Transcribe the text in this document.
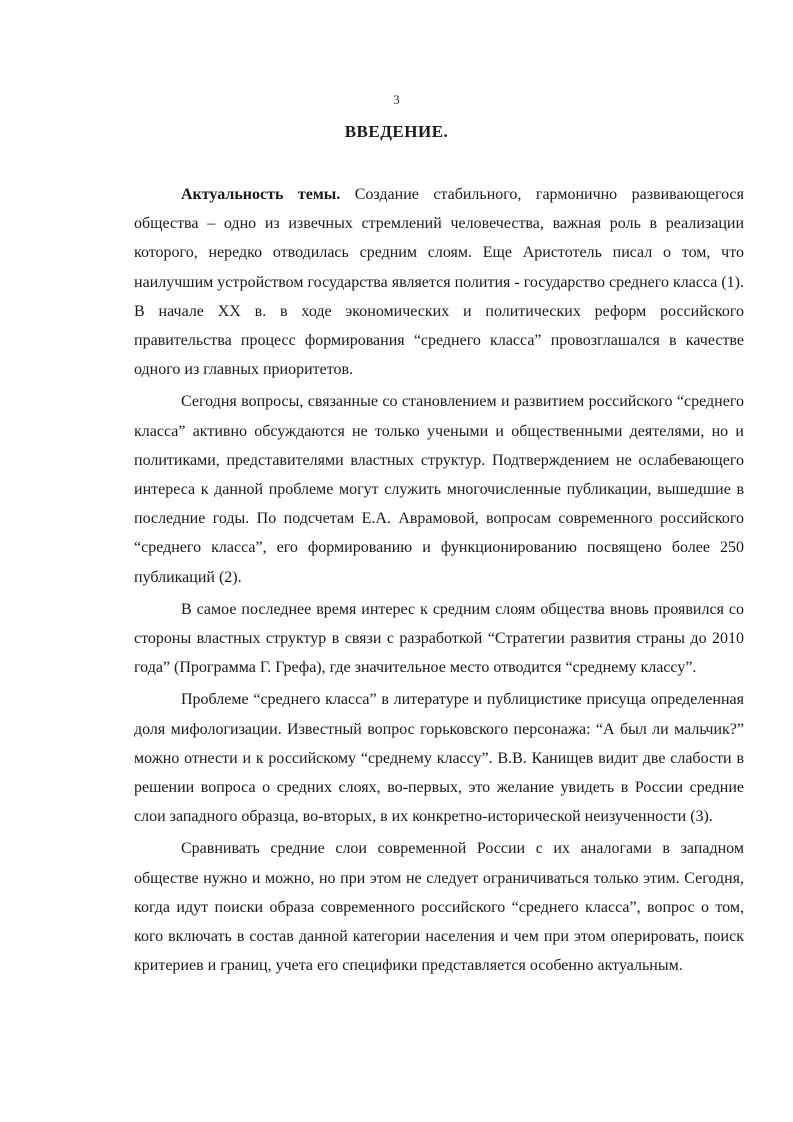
3
ВВЕДЕНИЕ.

Актуальность темы. Создание стабильного, гармонично развивающегося общества – одно из извечных стремлений человечества, важная роль в реализации которого, нередко отводилась средним слоям. Еще Аристотель писал о том, что наилучшим устройством государства является полития - государство среднего класса (1). В начале XX в. в ходе экономических и политических реформ российского правительства процесс формирования “среднего класса” провозглашался в качестве одного из главных приоритетов.

Сегодня вопросы, связанные со становлением и развитием российского “среднего класса” активно обсуждаются не только учеными и общественными деятелями, но и политиками, представителями властных структур. Подтверждением не ослабевающего интереса к данной проблеме могут служить многочисленные публикации, вышедшие в последние годы. По подсчетам Е.А. Аврамовой, вопросам современного российского “среднего класса”, его формированию и функционированию посвящено более 250 публикаций (2).

В самое последнее время интерес к средним слоям общества вновь проявился со стороны властных структур в связи с разработкой “Стратегии развития страны до 2010 года” (Программа Г. Грефа), где значительное место отводится “среднему классу”.

Проблеме “среднего класса” в литературе и публицистике присуща определенная доля мифологизации. Известный вопрос горьковского персонажа: “А был ли мальчик?” можно отнести и к российскому “среднему классу”. В.В. Канищев видит две слабости в решении вопроса о средних слоях, во-первых, это желание увидеть в России средние слои западного образца, во-вторых, в их конкретно-исторической неизученности (3).

Сравнивать средние слои современной России с их аналогами в западном обществе нужно и можно, но при этом не следует ограничиваться только этим. Сегодня, когда идут поиски образа современного российского “среднего класса”, вопрос о том, кого включать в состав данной категории населения и чем при этом оперировать, поиск критериев и границ, учета его специфики представляется особенно актуальным.
